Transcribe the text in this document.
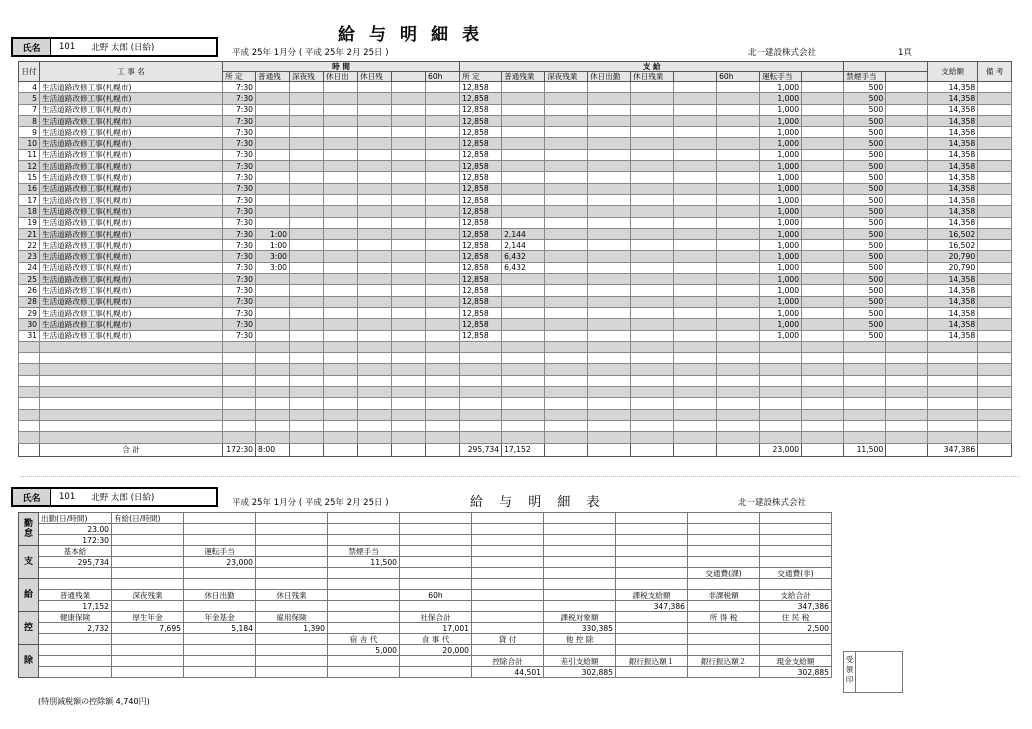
給与明細表
氏名	101	北野 太郎 (日給)	平成 25年 1月分 ( 平成 25年 2月 25日 )	北一建設株式会社	1頁
日付	工 事 名	時 間							支 給											支給額	備 考
		所 定	普通残	深夜残	休日出	休日残		60h	所 定	普通残業	深夜残業	休日出勤	休日残業		60h	運転手当		禁煙手当			
4	生活道路改修工事(札幌市)	7:30							12,858							1,000		500		14,358	
5	生活道路改修工事(札幌市)	7:30							12,858							1,000		500		14,358	
7	生活道路改修工事(札幌市)	7:30							12,858							1,000		500		14,358	
8	生活道路改修工事(札幌市)	7:30							12,858							1,000		500		14,358	
9	生活道路改修工事(札幌市)	7:30							12,858							1,000		500		14,358	
10	生活道路改修工事(札幌市)	7:30							12,858							1,000		500		14,358	
11	生活道路改修工事(札幌市)	7:30							12,858							1,000		500		14,358	
12	生活道路改修工事(札幌市)	7:30							12,858							1,000		500		14,358	
15	生活道路改修工事(札幌市)	7:30							12,858							1,000		500		14,358	
16	生活道路改修工事(札幌市)	7:30							12,858							1,000		500		14,358	
17	生活道路改修工事(札幌市)	7:30							12,858							1,000		500		14,358	
18	生活道路改修工事(札幌市)	7:30							12,858							1,000		500		14,358	
19	生活道路改修工事(札幌市)	7:30							12,858							1,000		500		14,358	
21	生活道路改修工事(札幌市)	7:30	1:00						12,858	2,144						1,000		500		16,502	
22	生活道路改修工事(札幌市)	7:30	1:00						12,858	2,144						1,000		500		16,502	
23	生活道路改修工事(札幌市)	7:30	3:00						12,858	6,432						1,000		500		20,790	
24	生活道路改修工事(札幌市)	7:30	3:00						12,858	6,432						1,000		500		20,790	
25	生活道路改修工事(札幌市)	7:30							12,858							1,000		500		14,358	
26	生活道路改修工事(札幌市)	7:30							12,858							1,000		500		14,358	
28	生活道路改修工事(札幌市)	7:30							12,858							1,000		500		14,358	
29	生活道路改修工事(札幌市)	7:30							12,858							1,000		500		14,358	
30	生活道路改修工事(札幌市)	7:30							12,858							1,000		500		14,358	
31	生活道路改修工事(札幌市)	7:30							12,858							1,000		500		14,358	

	合 計	172:30	8:00						295,734	17,152						23,000		11,500		347,386	
氏名	101	北野 太郎 (日給)	平成 25年 1月分 ( 平成 25年 2月 25日 )	給 与 明 細 表	北一建設株式会社
勤怠	出勤(日/時間)	有給(日/時間)									
	23.00										
	172:30										
支	基本給		運転手当		禁煙手当						
	295,734		23,000		11,500						
										交通費(課)	交通費(非)
給											
	普通残業	深夜残業	休日出勤	休日残業		60h			課税支給額	非課税額	支給合計
	17,152								347,386		347,386
控	健康保険	厚生年金	年金基金	雇用保険		社保合計		課税対象額		所 得 税	住 民 税
	2,732	7,695	5,184	1,390		17,001		330,385			2,500
					宿 舎 代	食 事 代	貸 付	他 控 除			
除					5,000	20,000					
							控除合計	差引支給額	銀行振込額１	銀行振込額２	現金支給額
							44,501	302,885			302,885
受領印
(特別減税額の控除額 4,740円)
